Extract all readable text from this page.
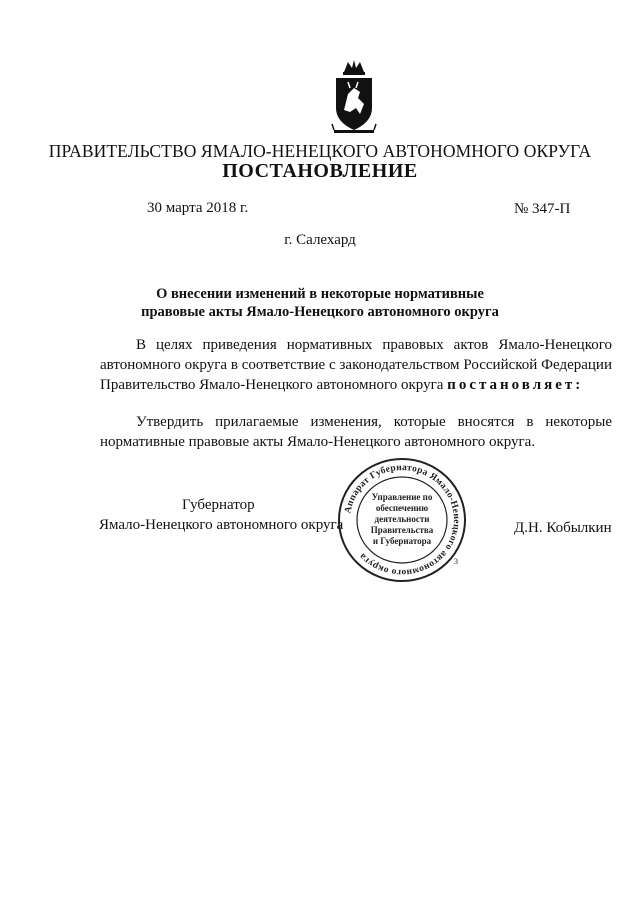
ПРАВИТЕЛЬСТВО ЯМАЛО-НЕНЕЦКОГО АВТОНОМНОГО ОКРУГА
ПОСТАНОВЛЕНИЕ
30 марта 2018 г.	№ 347-П
г. Салехард
О внесении изменений в некоторые нормативные
правовые акты Ямало-Ненецкого автономного округа
В целях приведения нормативных правовых актов Ямало-Ненецкого автономного округа в соответствие с законодательством Российской Федерации Правительство Ямало-Ненецкого автономного округа постановляет:
Утвердить прилагаемые изменения, которые вносятся в некоторые нормативные правовые акты Ямало-Ненецкого автономного округа.
Губернатор
Ямало-Ненецкого автономного округа	Д.Н. Кобылкин
Аппарат Губернатора Ямало-Ненецкого автономного округа
3
Управление по
обеспечению
деятельности
Правительства
и Губернатора
